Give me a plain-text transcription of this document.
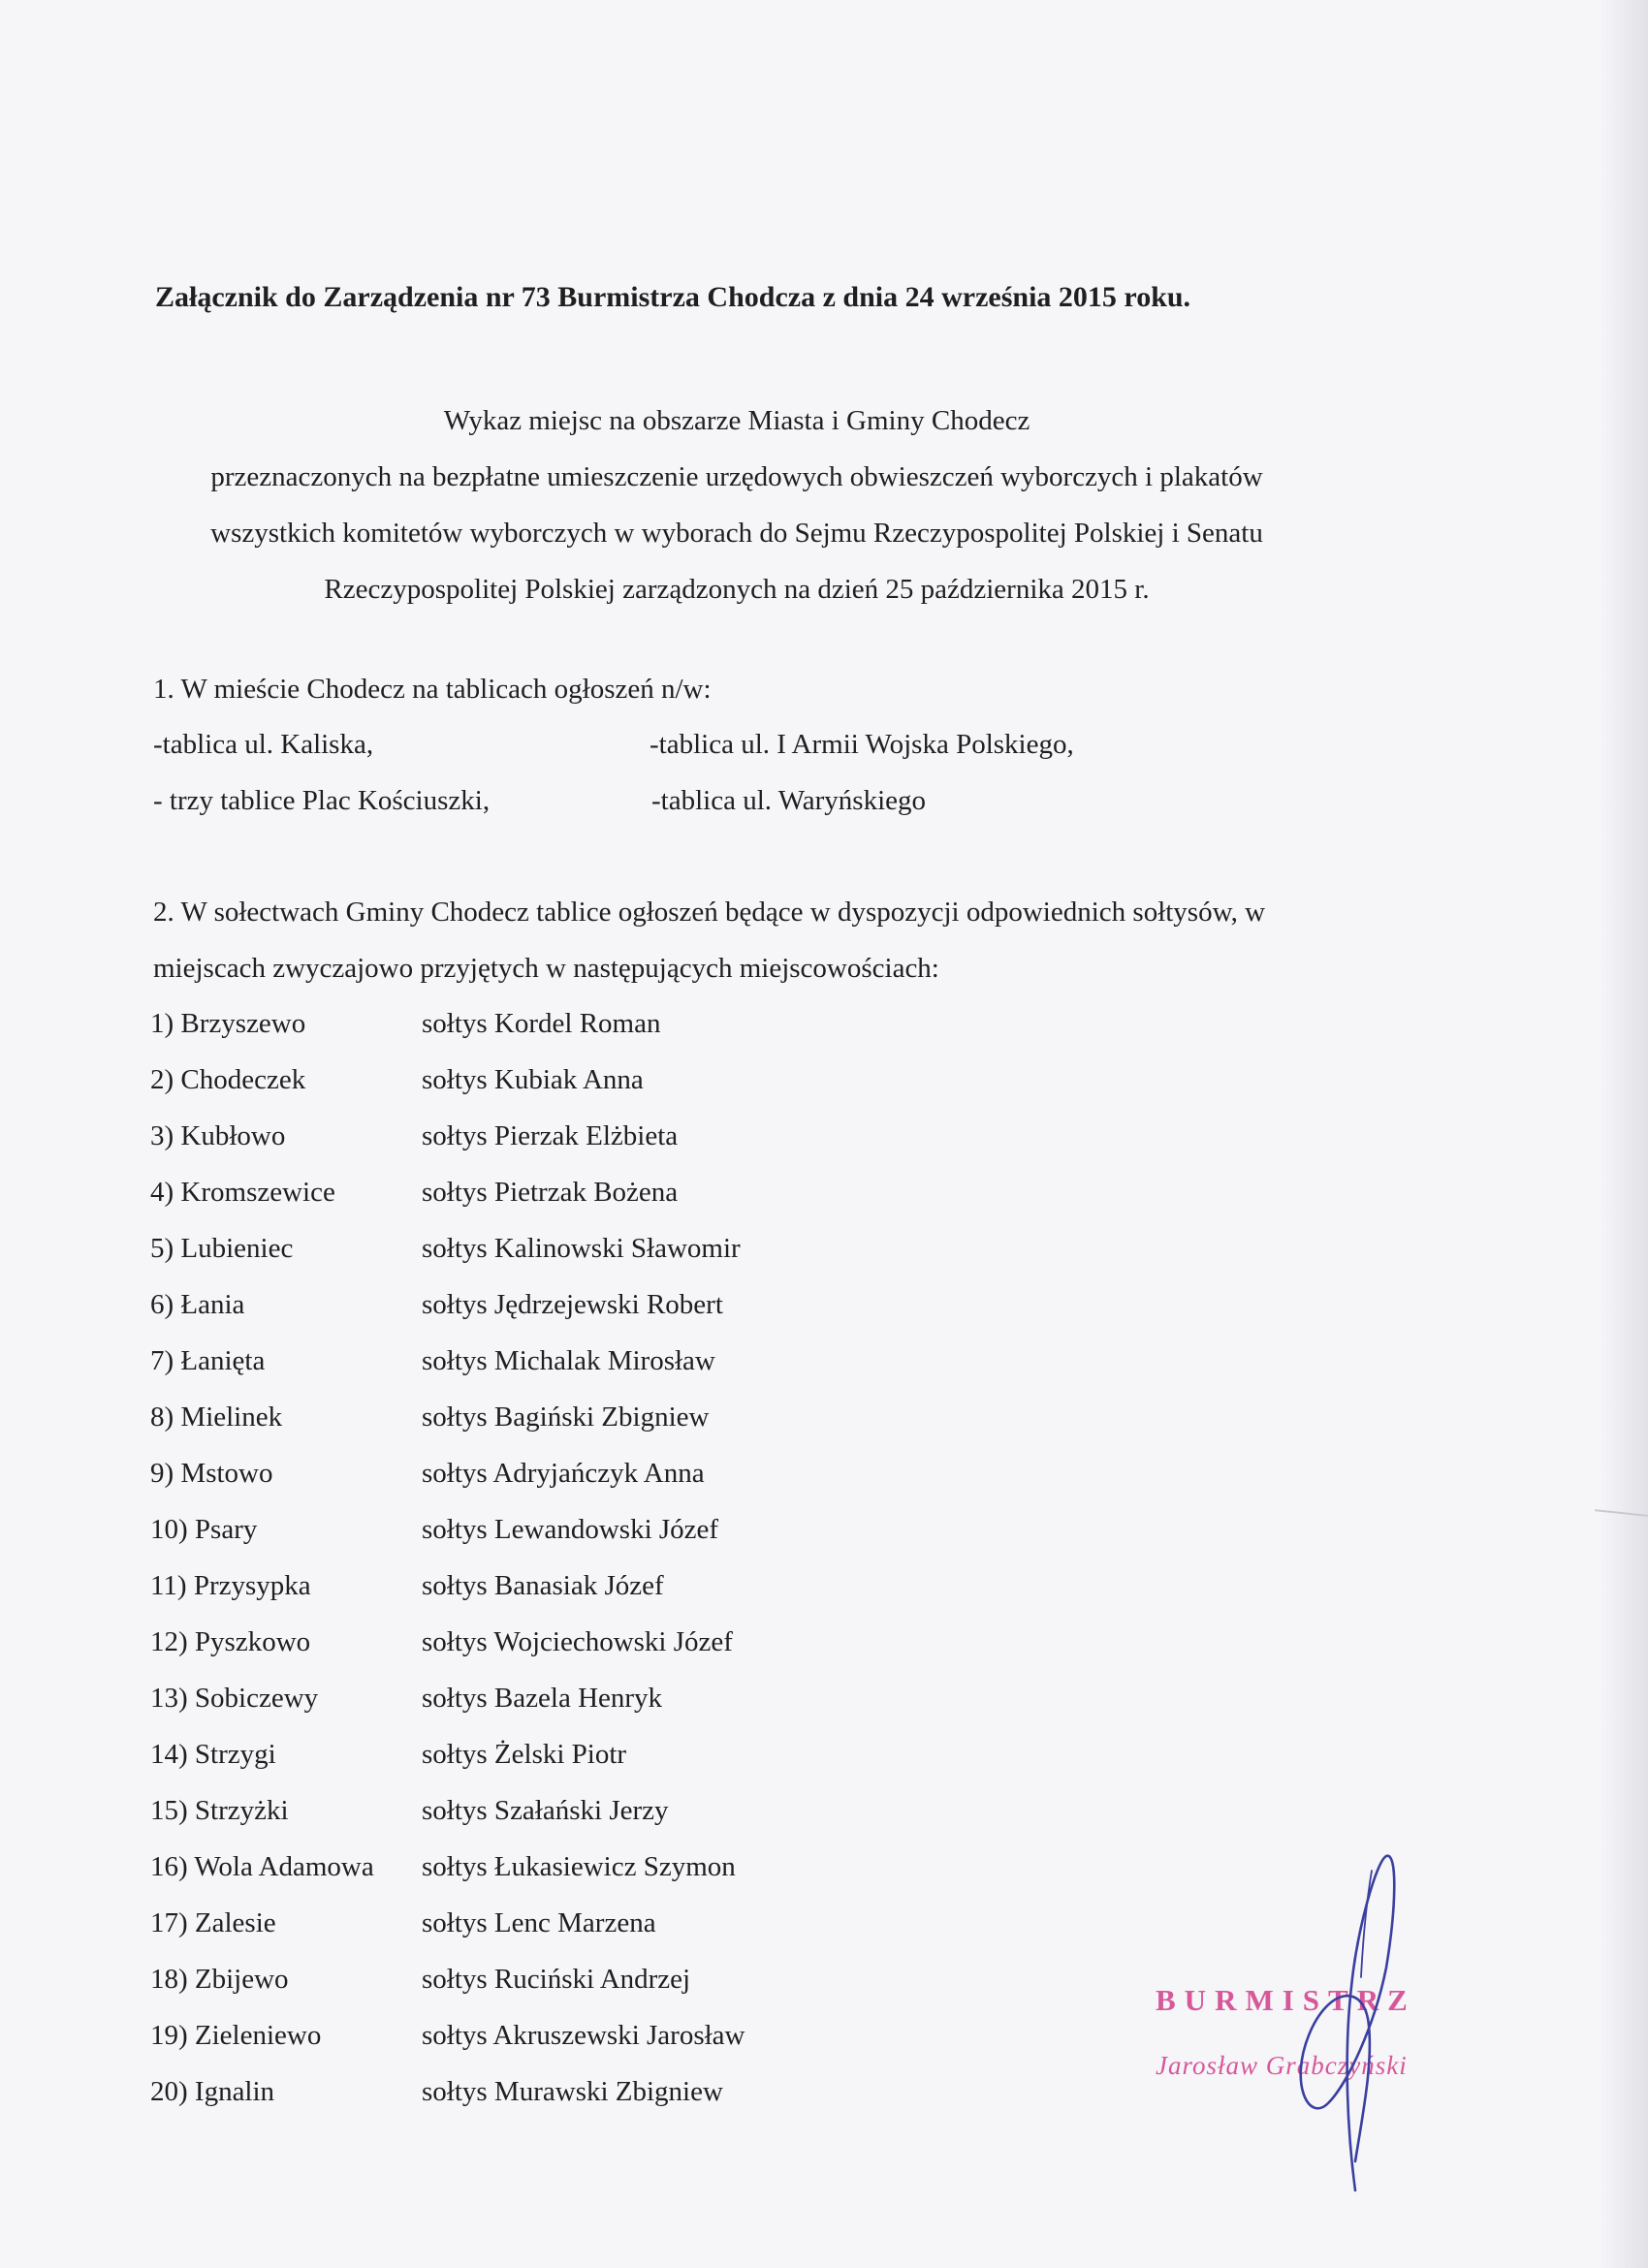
Załącznik do Zarządzenia nr 73 Burmistrza Chodcza z dnia 24 września 2015 roku.
Wykaz miejsc na obszarze Miasta i Gminy Chodecz
przeznaczonych na bezpłatne umieszczenie urzędowych obwieszczeń wyborczych i plakatów
wszystkich komitetów wyborczych w wyborach do Sejmu Rzeczypospolitej Polskiej i Senatu
Rzeczypospolitej Polskiej zarządzonych na dzień 25 października 2015 r.
1. W mieście Chodecz na tablicach ogłoszeń n/w:
-tablica ul. Kaliska,	-tablica ul. I Armii Wojska Polskiego,
- trzy tablice Plac Kościuszki,	-tablica ul. Waryńskiego
2. W sołectwach Gminy Chodecz tablice ogłoszeń będące w dyspozycji odpowiednich sołtysów, w
miejscach zwyczajowo przyjętych w następujących miejscowościach:
1) Brzyszewo	sołtys Kordel Roman
2) Chodeczek	sołtys Kubiak Anna
3) Kubłowo	sołtys Pierzak Elżbieta
4) Kromszewice	sołtys Pietrzak Bożena
5) Lubieniec	sołtys Kalinowski Sławomir
6) Łania	sołtys Jędrzejewski Robert
7) Łanięta	sołtys Michalak Mirosław
8) Mielinek	sołtys Bagiński Zbigniew
9) Mstowo	sołtys Adryjańczyk Anna
10) Psary	sołtys Lewandowski Józef
11) Przysypka	sołtys Banasiak Józef
12) Pyszkowo	sołtys Wojciechowski Józef
13) Sobiczewy	sołtys Bazela Henryk
14) Strzygi	sołtys Żelski Piotr
15) Strzyżki	sołtys Szałański Jerzy
16) Wola Adamowa sołtys Łukasiewicz Szymon
17) Zalesie	sołtys Lenc Marzena
18) Zbijewo	sołtys Ruciński Andrzej
19) Zieleniewo	sołtys Akruszewski Jarosław
20) Ignalin	sołtys Murawski Zbigniew
BURMISTRZ
Jarosław Grabczyński
